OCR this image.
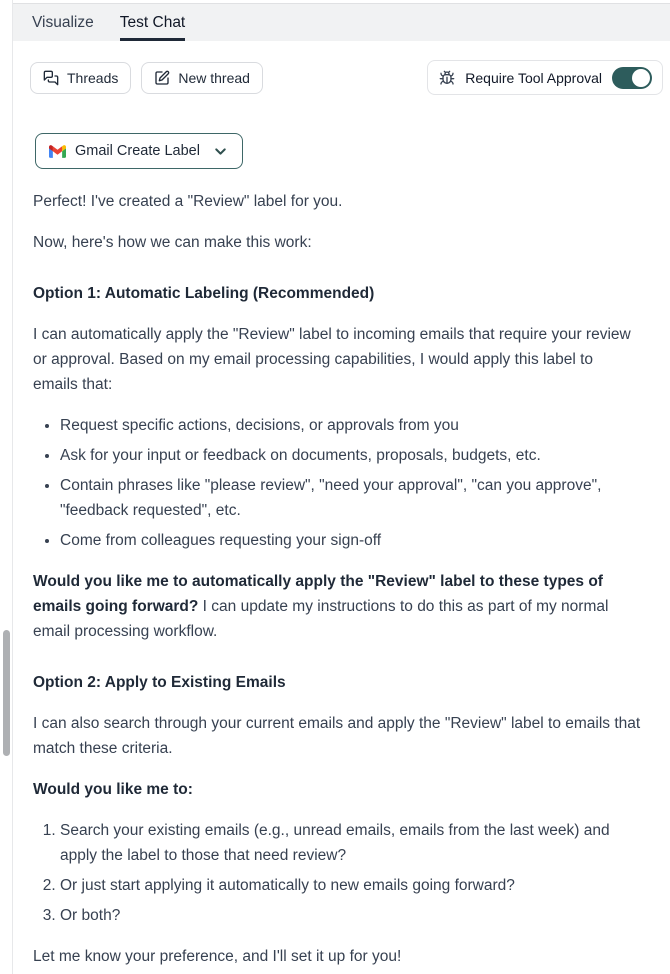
Visualize Test Chat
Threads	New thread	Require Tool Approval
Gmail Create Label

Perfect! I've created a "Review" label for you.

Now, here's how we can make this work:

Option 1: Automatic Labeling (Recommended)

I can automatically apply the "Review" label to incoming emails that require your review or approval. Based on my email processing capabilities, I would apply this label to emails that:

• Request specific actions, decisions, or approvals from you
• Ask for your input or feedback on documents, proposals, budgets, etc.
• Contain phrases like "please review", "need your approval", "can you approve", "feedback requested", etc.
• Come from colleagues requesting your sign-off

Would you like me to automatically apply the "Review" label to these types of emails going forward? I can update my instructions to do this as part of my normal email processing workflow.

Option 2: Apply to Existing Emails

I can also search through your current emails and apply the "Review" label to emails that match these criteria.

Would you like me to:

1. Search your existing emails (e.g., unread emails, emails from the last week) and apply the label to those that need review?
2. Or just start applying it automatically to new emails going forward?
3. Or both?

Let me know your preference, and I'll set it up for you!
